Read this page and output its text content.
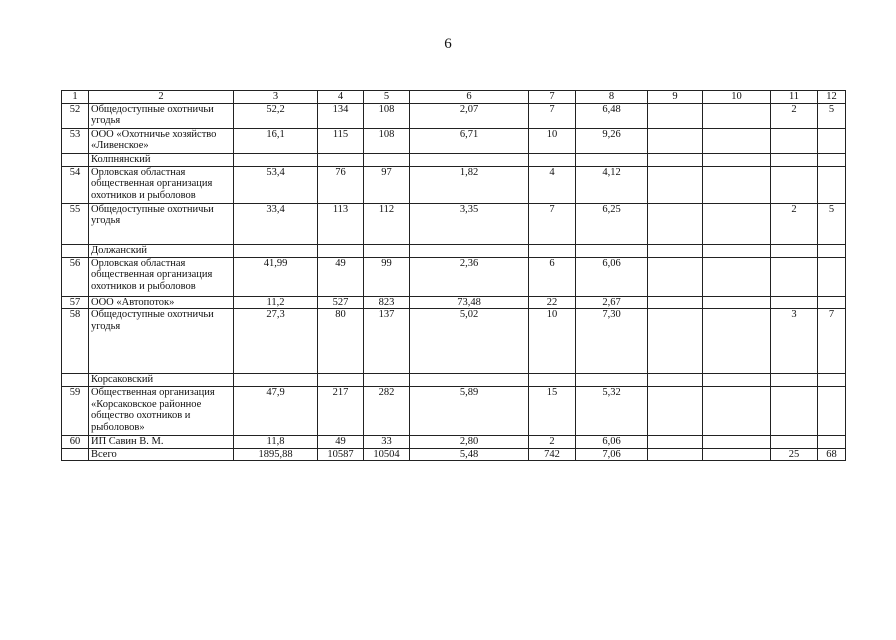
6
1	2	3	4	5	6	7	8	9	10	11	12
52	Общедоступные охотничьи угодья	52,2	134	108	2,07	7	6,48			2	5
53	ООО «Охотничье хозяйство «Ливенское»	16,1	115	108	6,71	10	9,26				
	Колпнянский										
54	Орловская областная общественная организация охотников и рыболовов	53,4	76	97	1,82	4	4,12				
55	Общедоступные охотничьи угодья	33,4	113	112	3,35	7	6,25			2	5
	Должанский										
56	Орловская областная общественная организация охотников и рыболовов	41,99	49	99	2,36	6	6,06				
57	ООО «Автопоток»	11,2	527	823	73,48	22	2,67				
58	Общедоступные охотничьи угодья	27,3	80	137	5,02	10	7,30			3	7
	Корсаковский										
59	Общественная организация «Корсаковское районное общество охотников и рыболовов»	47,9	217	282	5,89	15	5,32				
60	ИП Савин В. М.	11,8	49	33	2,80	2	6,06				
	Всего	1895,88	10587	10504	5,48	742	7,06			25	68
